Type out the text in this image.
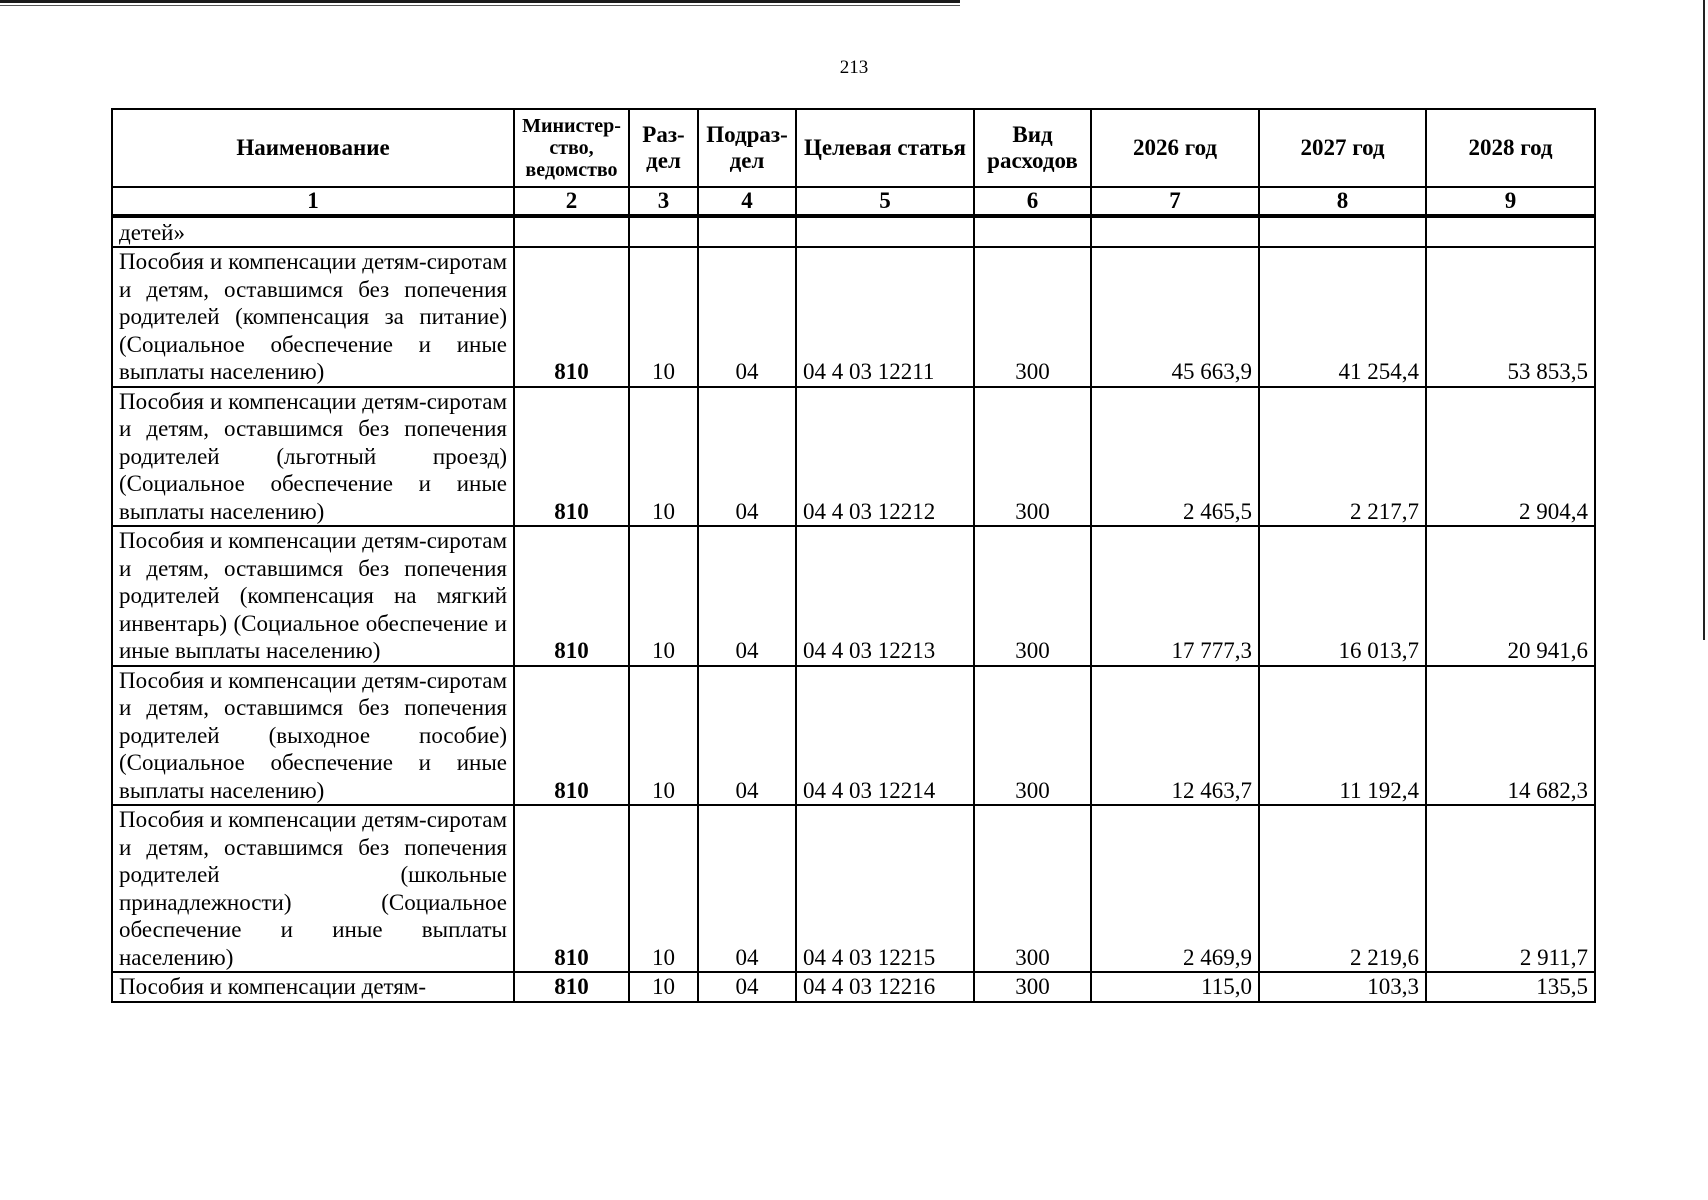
213
Наименование	Министер-ство, ведомство	Раз-дел	Подраз-дел	Целевая статья	Вид расходов	2026 год	2027 год	2028 год
1	2	3	4	5	6	7	8	9
детей»								
Пособия и компенсации детям-сиротам и детям, оставшимся без попечения родителей (компенсация за питание) (Социальное обеспечение и иные выплаты населению)	810	10	04	04 4 03 12211	300	45 663,9	41 254,4	53 853,5
Пособия и компенсации детям-сиротам и детям, оставшимся без попечения родителей (льготный проезд) (Социальное обеспечение и иные выплаты населению)	810	10	04	04 4 03 12212	300	2 465,5	2 217,7	2 904,4
Пособия и компенсации детям-сиротам и детям, оставшимся без попечения родителей (компенсация на мягкий инвентарь) (Социальное обеспечение и иные выплаты населению)	810	10	04	04 4 03 12213	300	17 777,3	16 013,7	20 941,6
Пособия и компенсации детям-сиротам и детям, оставшимся без попечения родителей (выходное пособие) (Социальное обеспечение и иные выплаты населению)	810	10	04	04 4 03 12214	300	12 463,7	11 192,4	14 682,3
Пособия и компенсации детям-сиротам и детям, оставшимся без попечения родителей (школьные принадлежности) (Социальное обеспечение и иные выплаты населению)	810	10	04	04 4 03 12215	300	2 469,9	2 219,6	2 911,7
Пособия и компенсации детям-	810	10	04	04 4 03 12216	300	115,0	103,3	135,5
